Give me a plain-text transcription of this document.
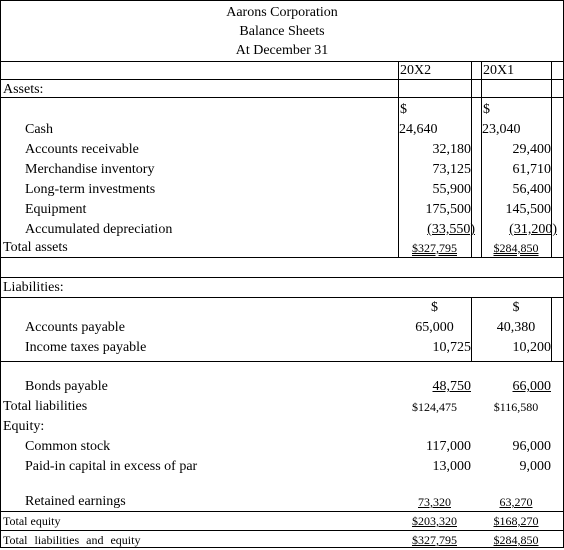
Aarons Corporation
Balance Sheets
At December 31
20X2	20X1
Assets:
$	$
Cash	24,640	23,040
Accounts receivable	32,180	29,400
Merchandise inventory	73,125	61,710
Long-term investments	55,900	56,400
Equipment	175,500	145,500
Accumulated depreciation	(33,550)	(31,200)
Total assets	$327,795	$284,850
Liabilities:
$	$
Accounts payable	65,000	40,380
Income taxes payable	10,725	10,200
Bonds payable	48,750	66,000
Total liabilities	$124,475	$116,580
Equity:
Common stock	117,000	96,000
Paid-in capital in excess of par	13,000	9,000
Retained earnings	73,320	63,270
Total equity	$203,320	$168,270
Total liabilities and equity	$327,795	$284,850
